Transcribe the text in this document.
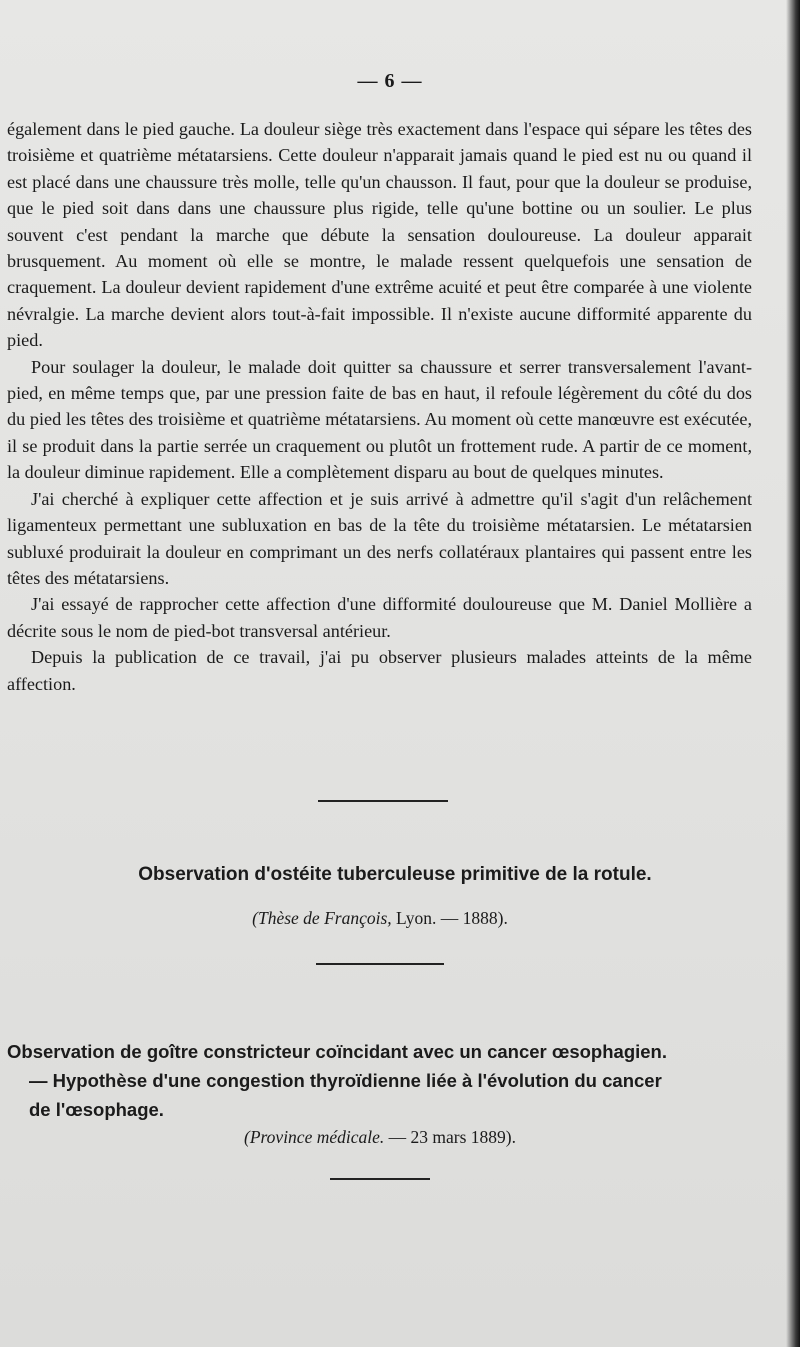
— 6 —

également dans le pied gauche. La douleur siège très exactement dans l'espace qui sépare les têtes des troisième et quatrième métatarsiens. Cette douleur n'apparait jamais quand le pied est nu ou quand il est placé dans une chaussure très molle, telle qu'un chausson. Il faut, pour que la douleur se produise, que le pied soit dans dans une chaussure plus rigide, telle qu'une bottine ou un soulier. Le plus souvent c'est pendant la marche que débute la sensation douloureuse. La douleur apparait brusquement. Au moment où elle se montre, le malade ressent quelquefois une sensation de craquement. La douleur devient rapidement d'une extrême acuité et peut être comparée à une violente névralgie. La marche devient alors tout-à-fait impossible. Il n'existe aucune difformité apparente du pied.

Pour soulager la douleur, le malade doit quitter sa chaussure et serrer transversalement l'avant-pied, en même temps que, par une pression faite de bas en haut, il refoule légèrement du côté du dos du pied les têtes des troisième et quatrième métatarsiens. Au moment où cette manœuvre est exécutée, il se produit dans la partie serrée un craquement ou plutôt un frottement rude. A partir de ce moment, la douleur diminue rapidement. Elle a complètement disparu au bout de quelques minutes.

J'ai cherché à expliquer cette affection et je suis arrivé à admettre qu'il s'agit d'un relâchement ligamenteux permettant une subluxation en bas de la tête du troisième métatarsien. Le métatarsien subluxé produirait la douleur en comprimant un des nerfs collatéraux plantaires qui passent entre les têtes des métatarsiens.

J'ai essayé de rapprocher cette affection d'une difformité douloureuse que M. Daniel Mollière a décrite sous le nom de pied-bot transversal antérieur.

Depuis la publication de ce travail, j'ai pu observer plusieurs malades atteints de la même affection.

Observation d'ostéite tuberculeuse primitive de la rotule.
(Thèse de François, Lyon. — 1888).
Observation de goître constricteur coïncidant avec un cancer œsophagien.
— Hypothèse d'une congestion thyroïdienne liée à l'évolution du cancer
de l'œsophage.
(Province médicale. — 23 mars 1889).
